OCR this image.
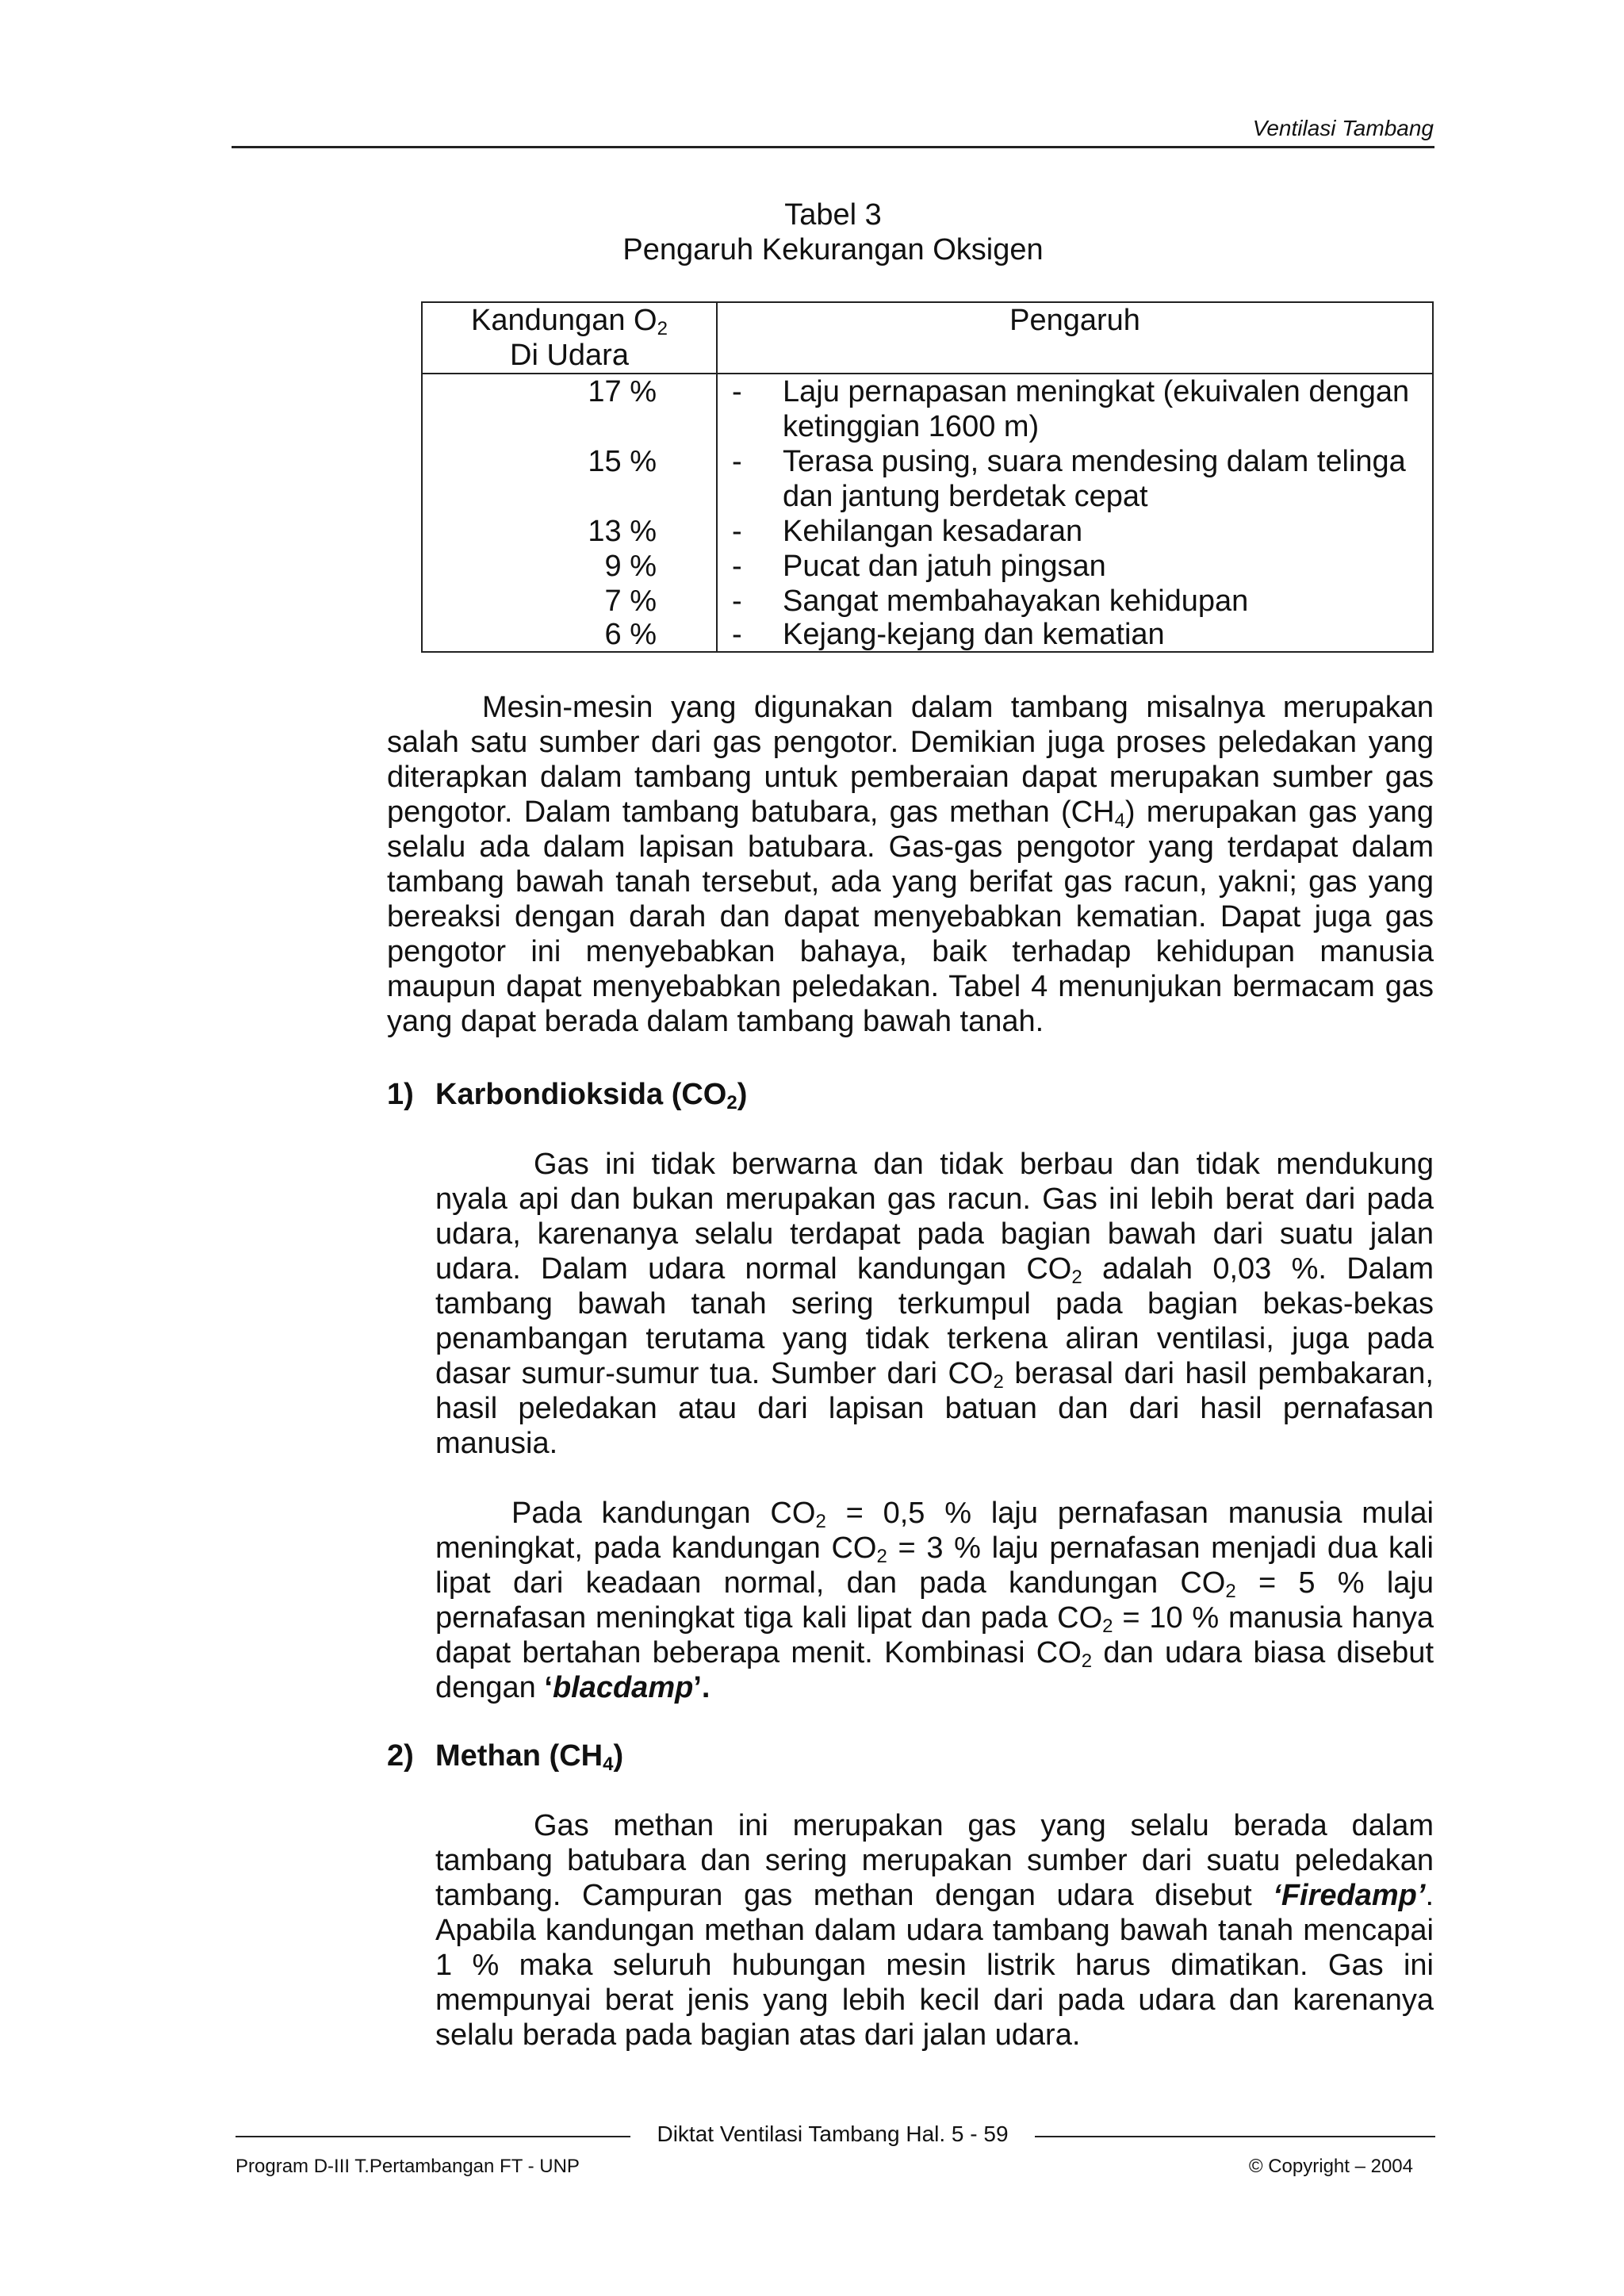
Ventilasi Tambang
Tabel 3
Pengaruh Kekurangan Oksigen
Kandungan $O_2$
Di Udara
Pengaruh
17 %	- Laju pernapasan meningkat (ekuivalen dengan
ketinggian 1600 m)
15 %	- Terasa pusing, suara mendesing dalam telinga
dan jantung berdetak cepat
13 %	- Kehilangan kesadaran
9 %	- Pucat dan jatuh pingsan
7 %	- Sangat membahayakan kehidupan
6 %	- Kejang-kejang dan kematian
Mesin-mesin yang digunakan dalam tambang misalnya merupakan
salah satu sumber dari gas pengotor. Demikian juga proses peledakan yang
diterapkan dalam tambang untuk pemberaian dapat merupakan sumber gas
pengotor. Dalam tambang batubara, gas methan $(CH_4)$ merupakan gas yang
selalu ada dalam lapisan batubara. Gas-gas pengotor yang terdapat dalam
tambang bawah tanah tersebut, ada yang berifat gas racun, yakni; gas yang
bereaksi dengan darah dan dapat menyebabkan kematian. Dapat juga gas
pengotor ini menyebabkan bahaya, baik terhadap kehidupan manusia
maupun dapat menyebabkan peledakan. Tabel 4 menunjukan bermacam gas
yang dapat berada dalam tambang bawah tanah.
1) Karbondioksida $(CO_2)$
Gas ini tidak berwarna dan tidak berbau dan tidak mendukung
nyala api dan bukan merupakan gas racun. Gas ini lebih berat dari pada
udara, karenanya selalu terdapat pada bagian bawah dari suatu jalan
udara. Dalam udara normal kandungan $CO_2$ adalah 0,03 %. Dalam
tambang bawah tanah sering terkumpul pada bagian bekas-bekas
penambangan terutama yang tidak terkena aliran ventilasi, juga pada
dasar sumur-sumur tua. Sumber dari $CO_2$ berasal dari hasil pembakaran,
hasil peledakan atau dari lapisan batuan dan dari hasil pernafasan
manusia.
Pada kandungan $CO_2 = 0,5$ % laju pernafasan manusia mulai
meningkat, pada kandungan $CO_2 = 3$ % laju pernafasan menjadi dua kali
lipat dari keadaan normal, dan pada kandungan $CO_2 = 5$ % laju
pernafasan meningkat tiga kali lipat dan pada $CO_2 = 10$ % manusia hanya
dapat bertahan beberapa menit. Kombinasi $CO_2$ dan udara biasa disebut
dengan ‘blacdamp’.
2) Methan $(CH_4)$
Gas methan ini merupakan gas yang selalu berada dalam
tambang batubara dan sering merupakan sumber dari suatu peledakan
tambang. Campuran gas methan dengan udara disebut ‘Firedamp’.
Apabila kandungan methan dalam udara tambang bawah tanah mencapai
1 % maka seluruh hubungan mesin listrik harus dimatikan. Gas ini
mempunyai berat jenis yang lebih kecil dari pada udara dan karenanya
selalu berada pada bagian atas dari jalan udara.
Diktat Ventilasi Tambang Hal. 5 - 59
Program D-III T.Pertambangan FT - UNP	© Copyright – 2004
